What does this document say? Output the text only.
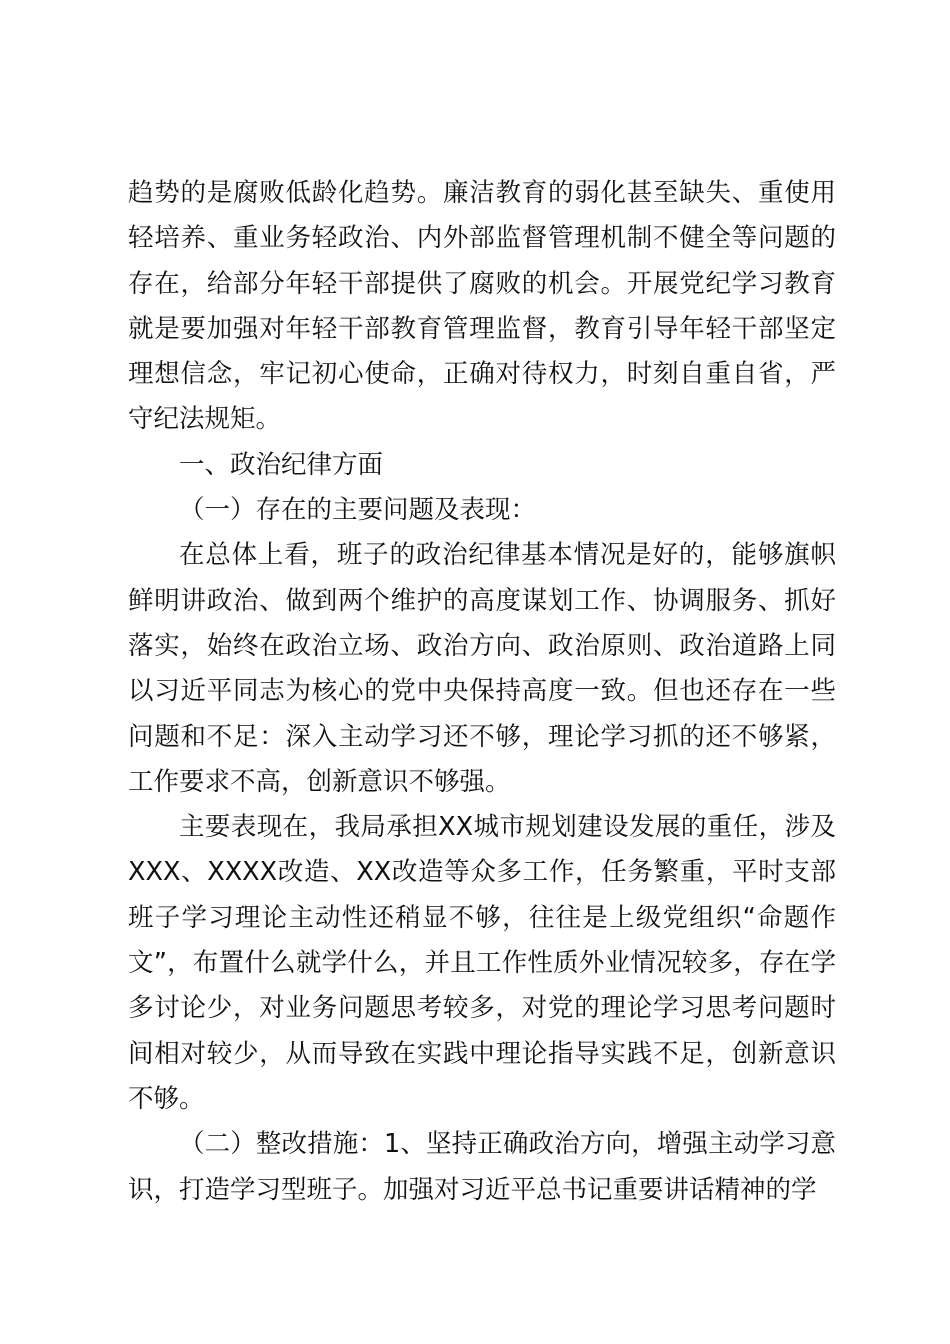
趋势的是腐败低龄化趋势。廉洁教育的弱化甚至缺失、重使用轻培养、重业务轻政治、内外部监督管理机制不健全等问题的存在，给部分年轻干部提供了腐败的机会。开展党纪学习教育就是要加强对年轻干部教育管理监督，教育引导年轻干部坚定理想信念，牢记初心使命，正确对待权力，时刻自重自省，严守纪法规矩。

一、政治纪律方面

（一）存在的主要问题及表现：

在总体上看，班子的政治纪律基本情况是好的，能够旗帜鲜明讲政治、做到两个维护的高度谋划工作、协调服务、抓好落实，始终在政治立场、政治方向、政治原则、政治道路上同以习近平同志为核心的党中央保持高度一致。但也还存在一些问题和不足：深入主动学习还不够，理论学习抓的还不够紧，工作要求不高，创新意识不够强。

主要表现在，我局承担XX城市规划建设发展的重任，涉及XXX、XXXX改造、XX改造等众多工作，任务繁重，平时支部班子学习理论主动性还稍显不够，往往是上级党组织“命题作文”，布置什么就学什么，并且工作性质外业情况较多，存在学多讨论少，对业务问题思考较多，对党的理论学习思考问题时间相对较少，从而导致在实践中理论指导实践不足，创新意识不够。

（二）整改措施：1、坚持正确政治方向，增强主动学习意识，打造学习型班子。加强对习近平总书记重要讲话精神的学
